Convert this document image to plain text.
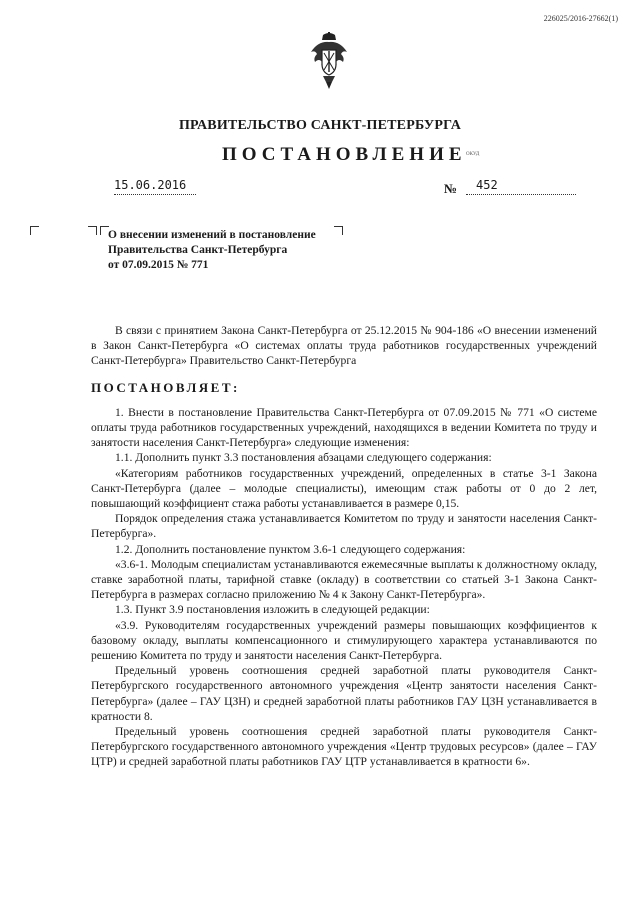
226025/2016-27662(1)
ПРАВИТЕЛЬСТВО САНКТ-ПЕТЕРБУРГА
ПОСТАНОВЛЕНИЕ ОКУД
15.06.2016	№	452
О внесении изменений в постановление
Правительства Санкт-Петербурга
от 07.09.2015 № 771

В связи с принятием Закона Санкт-Петербурга от 25.12.2015 № 904-186 «О внесении изменений в Закон Санкт-Петербурга «О системах оплаты труда работников государственных учреждений Санкт-Петербурга» Правительство Санкт-Петербурга

ПОСТАНОВЛЯЕТ:

1. Внести в постановление Правительства Санкт-Петербурга от 07.09.2015 № 771 «О системе оплаты труда работников государственных учреждений, находящихся в ведении Комитета по труду и занятости населения Санкт-Петербурга» следующие изменения:

1.1. Дополнить пункт 3.3 постановления абзацами следующего содержания:

«Категориям работников государственных учреждений, определенных в статье 3-1 Закона Санкт-Петербурга (далее – молодые специалисты), имеющим стаж работы от 0 до 2 лет, повышающий коэффициент стажа работы устанавливается в размере 0,15.

Порядок определения стажа устанавливается Комитетом по труду и занятости населения Санкт-Петербурга».

1.2. Дополнить постановление пунктом 3.6-1 следующего содержания:

«3.6-1. Молодым специалистам устанавливаются ежемесячные выплаты к должностному окладу, ставке заработной платы, тарифной ставке (окладу) в соответствии со статьей 3-1 Закона Санкт-Петербурга в размерах согласно приложению № 4 к Закону Санкт-Петербурга».

1.3. Пункт 3.9 постановления изложить в следующей редакции:

«3.9. Руководителям государственных учреждений размеры повышающих коэффициентов к базовому окладу, выплаты компенсационного и стимулирующего характера устанавливаются по решению Комитета по труду и занятости населения Санкт-Петербурга.

Предельный уровень соотношения средней заработной платы руководителя Санкт-Петербургского государственного автономного учреждения «Центр занятости населения Санкт-Петербурга» (далее – ГАУ ЦЗН) и средней заработной платы работников ГАУ ЦЗН устанавливается в кратности 8.

Предельный уровень соотношения средней заработной платы руководителя Санкт-Петербургского государственного автономного учреждения «Центр трудовых ресурсов» (далее – ГАУ ЦТР) и средней заработной платы работников ГАУ ЦТР устанавливается в кратности 6».
